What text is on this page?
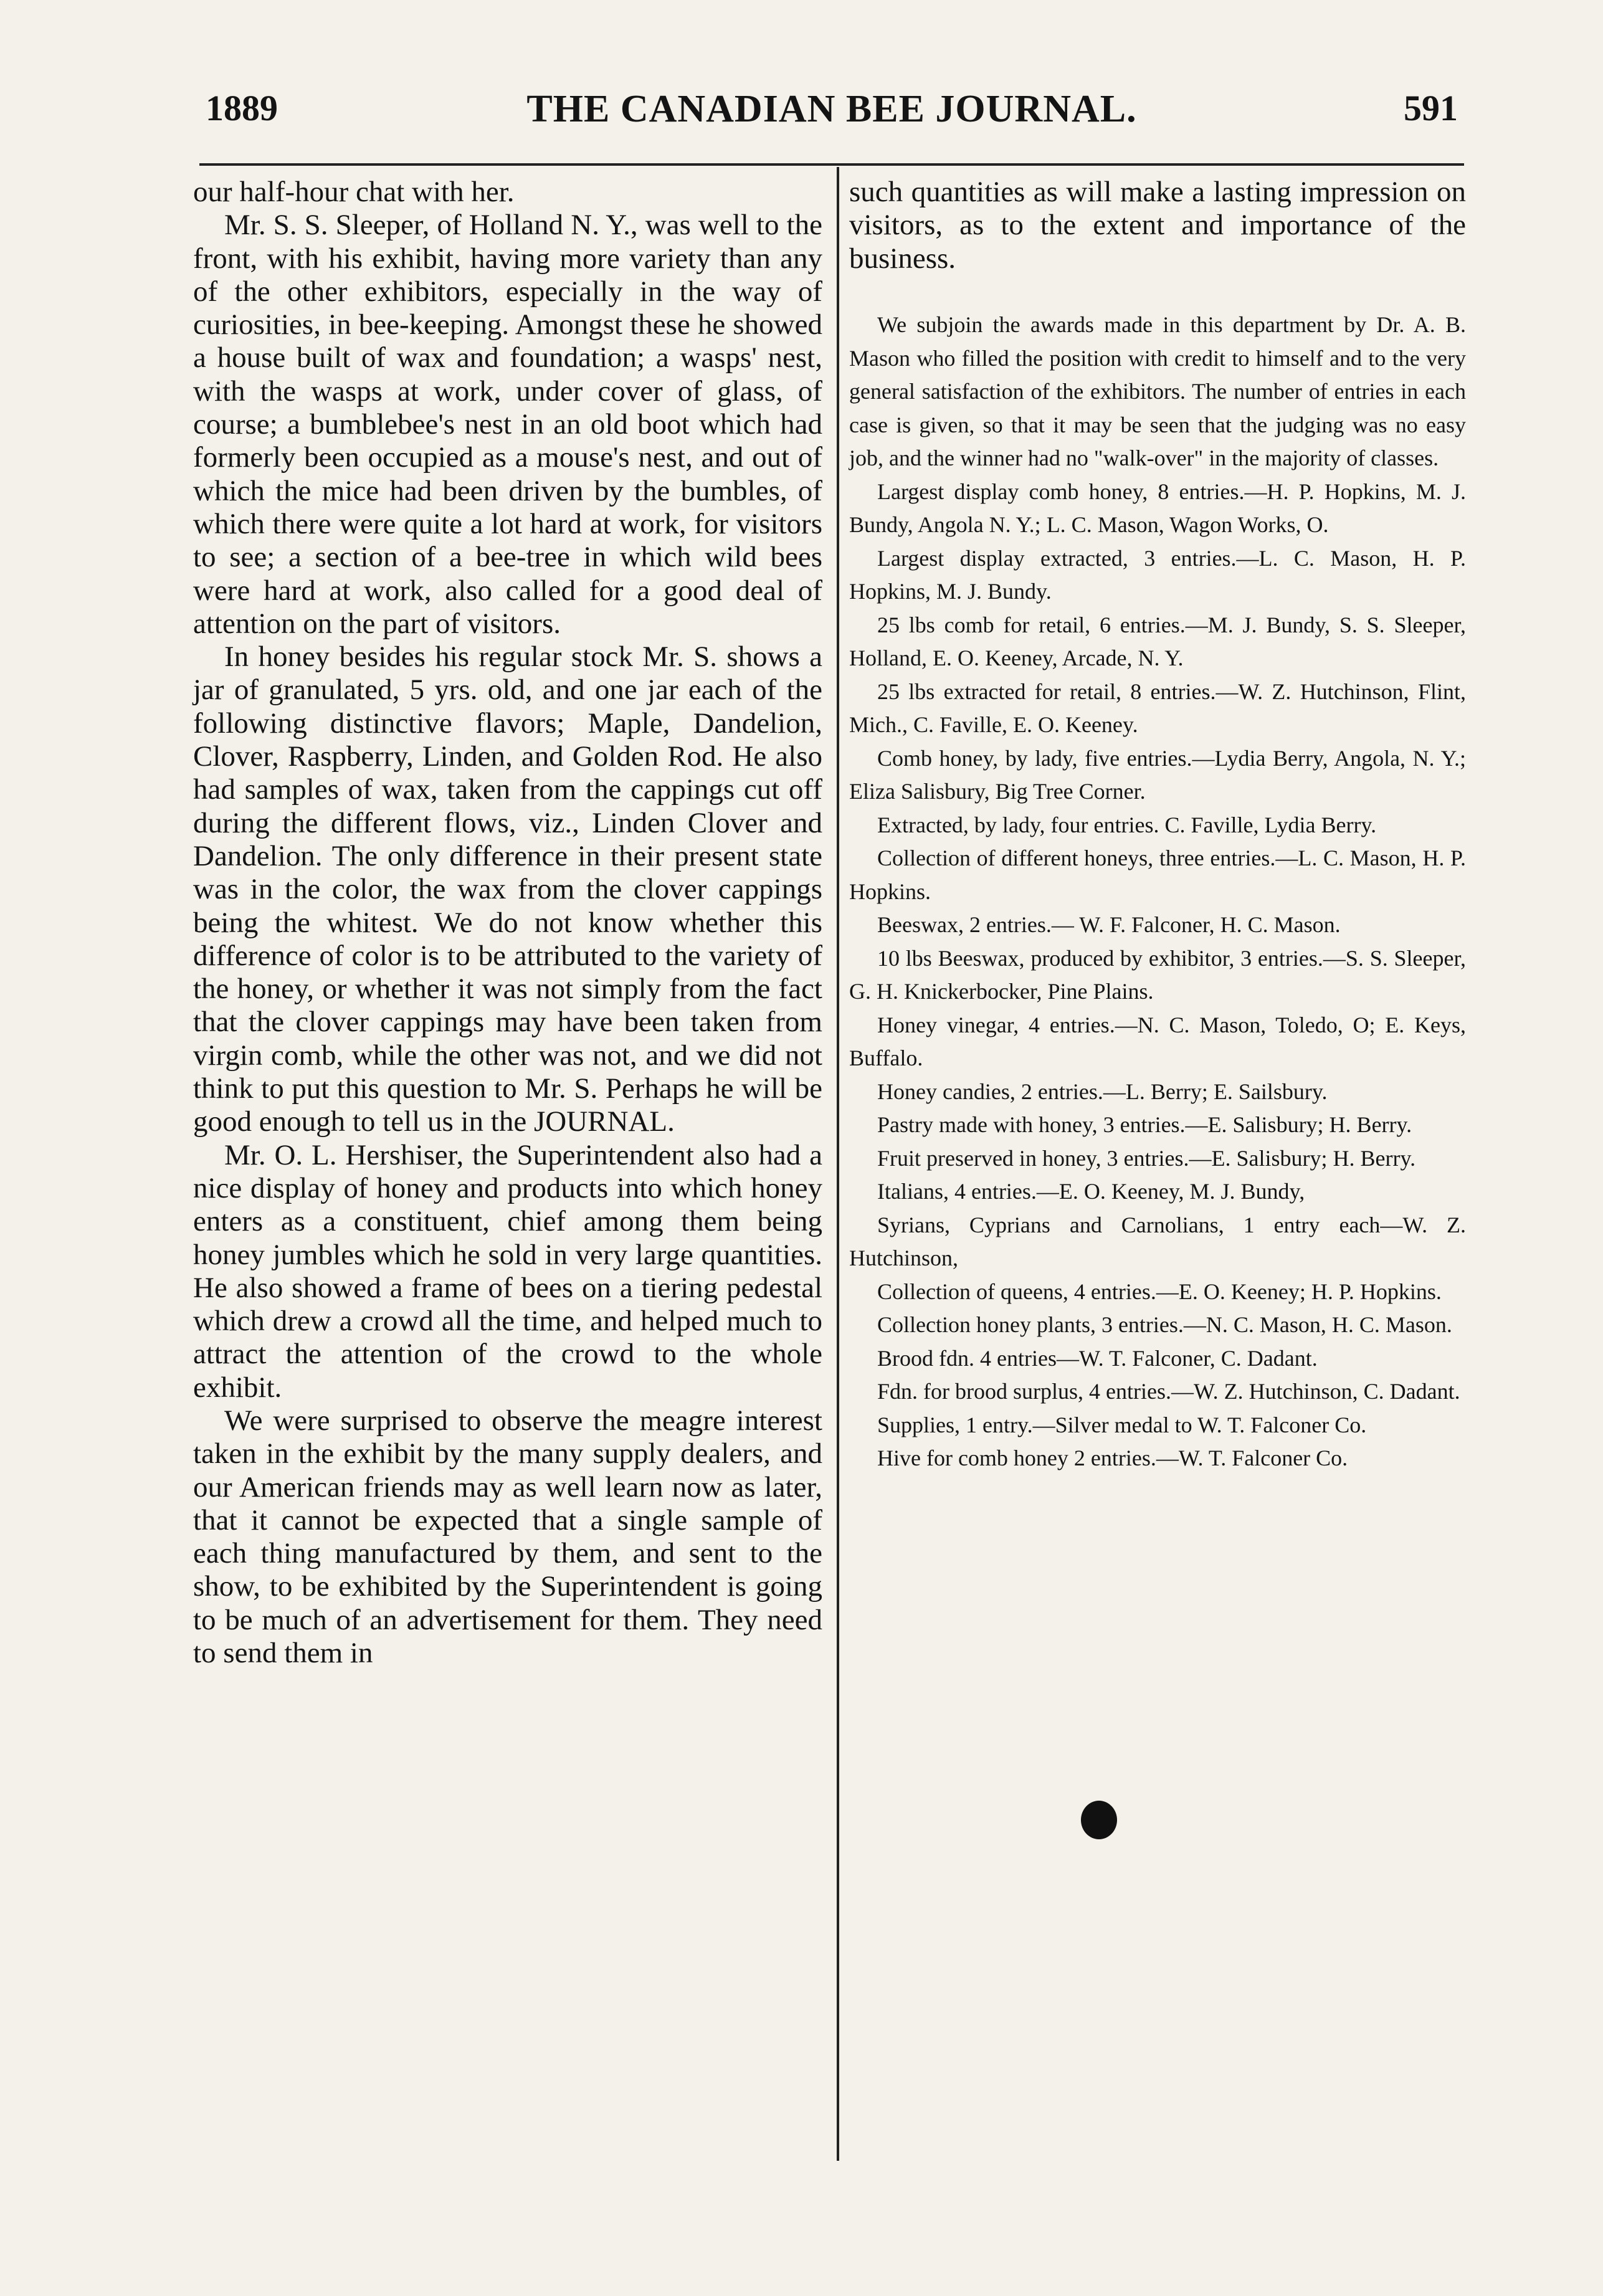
1889	THE CANADIAN BEE JOURNAL.	591

our half-hour chat with her.

Mr. S. S. Sleeper, of Holland N. Y., was well to the front, with his exhibit, having more variety than any of the other exhibitors, especially in the way of curiosities, in bee-keeping. Amongst these he showed a house built of wax and foundation; a wasps' nest, with the wasps at work, under cover of glass, of course; a bumblebee's nest in an old boot which had formerly been occupied as a mouse's nest, and out of which the mice had been driven by the bumbles, of which there were quite a lot hard at work, for visitors to see; a section of a bee-tree in which wild bees were hard at work, also called for a good deal of attention on the part of visitors.

In honey besides his regular stock Mr. S. shows a jar of granulated, 5 yrs. old, and one jar each of the following distinctive flavors; Maple, Dandelion, Clover, Raspberry, Linden, and Golden Rod. He also had samples of wax, taken from the cappings cut off during the different flows, viz., Linden Clover and Dandelion. The only difference in their present state was in the color, the wax from the clover cappings being the whitest. We do not know whether this difference of color is to be attributed to the variety of the honey, or whether it was not simply from the fact that the clover cappings may have been taken from virgin comb, while the other was not, and we did not think to put this question to Mr. S. Perhaps he will be good enough to tell us in the JOURNAL.

Mr. O. L. Hershiser, the Superintendent also had a nice display of honey and products into which honey enters as a constituent, chief among them being honey jumbles which he sold in very large quantities. He also showed a frame of bees on a tiering pedestal which drew a crowd all the time, and helped much to attract the attention of the crowd to the whole exhibit.

We were surprised to observe the meagre interest taken in the exhibit by the many supply dealers, and our American friends may as well learn now as later, that it cannot be expected that a single sample of each thing manufactured by them, and sent to the show, to be exhibited by the Superintendent is going to be much of an advertisement for them. They need to send them in

such quantities as will make a lasting impression on visitors, as to the extent and importance of the business.

We subjoin the awards made in this department by Dr. A. B. Mason who filled the position with credit to himself and to the very general satisfaction of the exhibitors. The number of entries in each case is given, so that it may be seen that the judging was no easy job, and the winner had no "walk-over" in the majority of classes.

Largest display comb honey, 8 entries.—H. P. Hopkins, M. J. Bundy, Angola N. Y.; L. C. Mason, Wagon Works, O.

Largest display extracted, 3 entries.—L. C. Mason, H. P. Hopkins, M. J. Bundy.

25 lbs comb for retail, 6 entries.—M. J. Bundy, S. S. Sleeper, Holland, E. O. Keeney, Arcade, N. Y.

25 lbs extracted for retail, 8 entries.—W. Z. Hutchinson, Flint, Mich., C. Faville, E. O. Keeney.

Comb honey, by lady, five entries.—Lydia Berry, Angola, N. Y.; Eliza Salisbury, Big Tree Corner.

Extracted, by lady, four entries. C. Faville, Lydia Berry.

Collection of different honeys, three entries.—L. C. Mason, H. P. Hopkins.

Beeswax, 2 entries.— W. F. Falconer, H. C. Mason.

10 lbs Beeswax, produced by exhibitor, 3 entries.—S. S. Sleeper, G. H. Knickerbocker, Pine Plains.

Honey vinegar, 4 entries.—N. C. Mason, Toledo, O; E. Keys, Buffalo.

Honey candies, 2 entries.—L. Berry; E. Sailsbury.

Pastry made with honey, 3 entries.—E. Salisbury; H. Berry.

Fruit preserved in honey, 3 entries.—E. Salisbury; H. Berry.

Italians, 4 entries.—E. O. Keeney, M. J. Bundy,

Syrians, Cyprians and Carnolians, 1 entry each—W. Z. Hutchinson,

Collection of queens, 4 entries.—E. O. Keeney; H. P. Hopkins.

Collection honey plants, 3 entries.—N. C. Mason, H. C. Mason.

Brood fdn. 4 entries—W. T. Falconer, C. Dadant.

Fdn. for brood surplus, 4 entries.—W. Z. Hutchinson, C. Dadant.

Supplies, 1 entry.—Silver medal to W. T. Falconer Co.

Hive for comb honey 2 entries.—W. T. Falconer Co.
